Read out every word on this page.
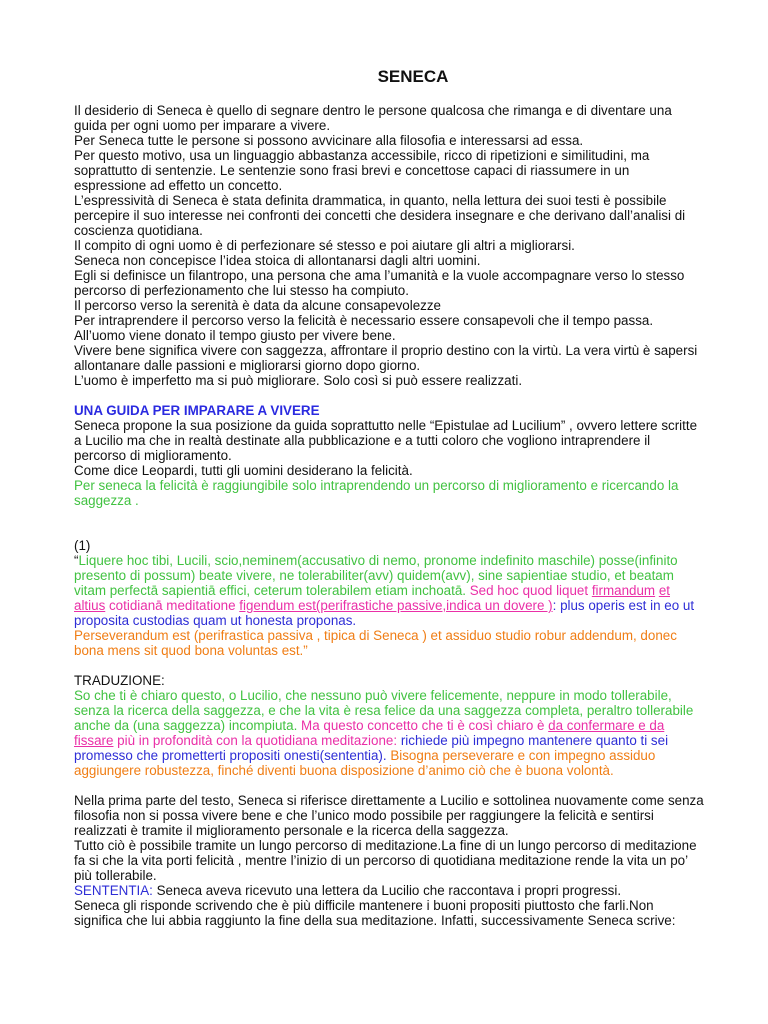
SENECA

Il desiderio di Seneca è quello di segnare dentro le persone qualcosa che rimanga e di diventare una guida per ogni uomo per imparare a vivere.

Per Seneca tutte le persone si possono avvicinare alla filosofia e interessarsi ad essa.

Per questo motivo, usa un linguaggio abbastanza accessibile, ricco di ripetizioni e similitudini, ma soprattutto di sentenzie. Le sentenzie sono frasi brevi e concettose capaci di riassumere in un espressione ad effetto un concetto.

L’espressività di Seneca è stata definita drammatica, in quanto, nella lettura dei suoi testi è possibile percepire il suo interesse nei confronti dei concetti che desidera insegnare e che derivano dall’analisi di coscienza quotidiana.

Il compito di ogni uomo è di perfezionare sé stesso e poi aiutare gli altri a migliorarsi.

Seneca non concepisce l’idea stoica di allontanarsi dagli altri uomini.

Egli si definisce un filantropo, una persona che ama l’umanità e la vuole accompagnare verso lo stesso percorso di perfezionamento che lui stesso ha compiuto.

Il percorso verso la serenità è data da alcune consapevolezze

Per intraprendere il percorso verso la felicità è necessario essere consapevoli che il tempo passa.

All’uomo viene donato il tempo giusto per vivere bene.

Vivere bene significa vivere con saggezza, affrontare il proprio destino con la virtù. La vera virtù è sapersi allontanare dalle passioni e migliorarsi giorno dopo giorno.

L’uomo è imperfetto ma si può migliorare. Solo così si può essere realizzati.

UNA GUIDA PER IMPARARE A VIVERE

Seneca propone la sua posizione da guida soprattutto nelle “Epistulae ad Lucilium” , ovvero lettere scritte a Lucilio ma che in realtà destinate alla pubblicazione e a tutti coloro che vogliono intraprendere il percorso di miglioramento.

Come dice Leopardi, tutti gli uomini desiderano la felicità.

Per seneca la felicità è raggiungibile solo intraprendendo un percorso di miglioramento e ricercando la saggezza .

(1)

“Liquere hoc tibi, Lucili, scio,neminem(accusativo di nemo, pronome indefinito maschile) posse(infinito presento di possum) beate vivere, ne tolerabiliter(avv) quidem(avv), sine sapientiae studio, et beatam vitam perfectā sapientiā effici, ceterum tolerabilem etiam inchoatā. Sed hoc quod liquet firmandum et altius cotidianā meditatione figendum est(perifrastiche passive,indica un dovere ): plus operis est in eo ut proposita custodias quam ut honesta proponas.

Perseverandum est (perifrastica passiva , tipica di Seneca ) et assiduo studio robur addendum, donec bona mens sit quod bona voluntas est.”

TRADUZIONE:

So che ti è chiaro questo, o Lucilio, che nessuno può vivere felicemente, neppure in modo tollerabile, senza la ricerca della saggezza, e che la vita è resa felice da una saggezza completa, peraltro tollerabile anche da (una saggezza) incompiuta. Ma questo concetto che ti è così chiaro è da confermare e da fissare più in profondità con la quotidiana meditazione: richiede più impegno mantenere quanto ti sei promesso che prometterti propositi onesti(sententia). Bisogna perseverare e con impegno assiduo aggiungere robustezza, finché diventi buona disposizione d’animo ciò che è buona volontà.

Nella prima parte del testo, Seneca si riferisce direttamente a Lucilio e sottolinea nuovamente come senza filosofia non si possa vivere bene e che l’unico modo possibile per raggiungere la felicità e sentirsi realizzati è tramite il miglioramento personale e la ricerca della saggezza.

Tutto ciò è possibile tramite un lungo percorso di meditazione.La fine di un lungo percorso di meditazione fa si che la vita porti felicità , mentre l’inizio di un percorso di quotidiana meditazione rende la vita un po’ più tollerabile.

SENTENTIA: Seneca aveva ricevuto una lettera da Lucilio che raccontava i propri progressi.

Seneca gli risponde scrivendo che è più difficile mantenere i buoni propositi piuttosto che farli.Non significa che lui abbia raggiunto la fine della sua meditazione. Infatti, successivamente Seneca scrive:
